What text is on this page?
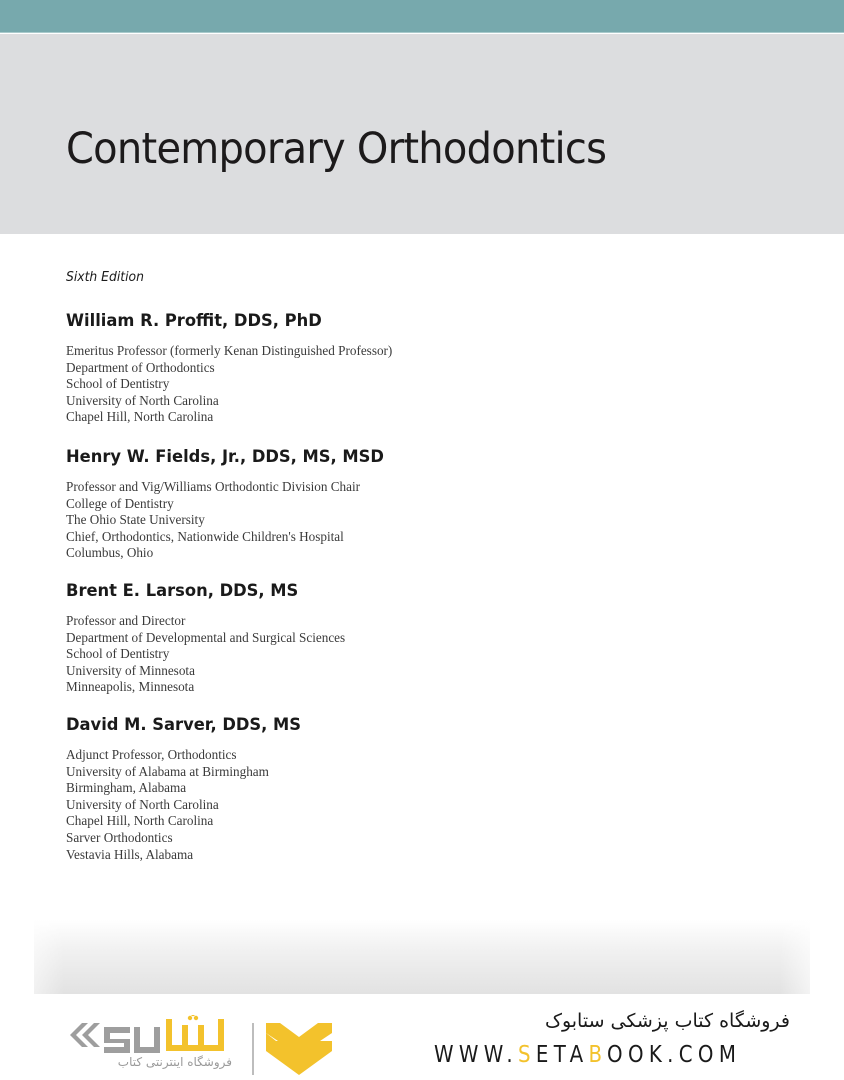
Contemporary Orthodontics
Sixth Edition
William R. Proffit, DDS, PhD
Emeritus Professor (formerly Kenan Distinguished Professor)
Department of Orthodontics
School of Dentistry
University of North Carolina
Chapel Hill, North Carolina
Henry W. Fields, Jr., DDS, MS, MSD
Professor and Vig/Williams Orthodontic Division Chair
College of Dentistry
The Ohio State University
Chief, Orthodontics, Nationwide Children's Hospital
Columbus, Ohio
Brent E. Larson, DDS, MS
Professor and Director
Department of Developmental and Surgical Sciences
School of Dentistry
University of Minnesota
Minneapolis, Minnesota
David M. Sarver, DDS, MS
Adjunct Professor, Orthodontics
University of Alabama at Birmingham
Birmingham, Alabama
University of North Carolina
Chapel Hill, North Carolina
Sarver Orthodontics
Vestavia Hills, Alabama
فروشگاه اینترنتی کتاب
فروشگاه کتاب پزشکی ستابوک
WWW.SETABOOK.COM
